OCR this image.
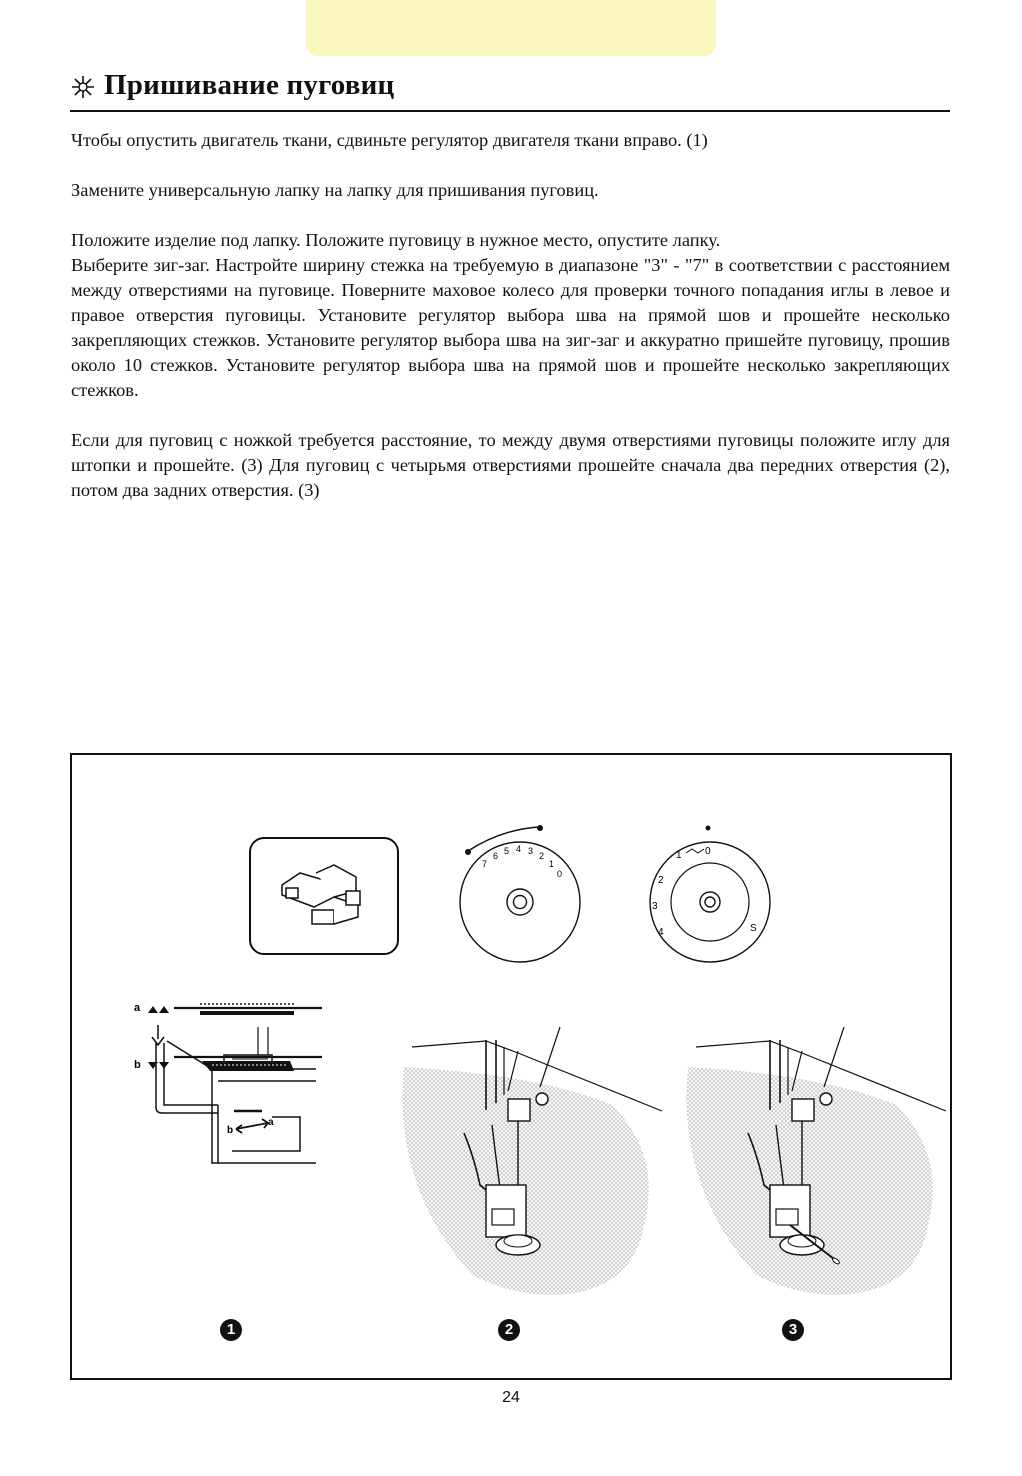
Пришивание пуговиц

Чтобы опустить двигатель ткани, сдвиньте регулятор двигателя ткани вправо. (1)

Замените универсальную лапку на лапку для пришивания пуговиц.

Положите изделие под лапку. Положите пуговицу в нужное место, опустите лапку.

Выберите зиг-заг. Настройте ширину стежка на требуемую в диапазоне "3" - "7" в соответствии с расстоянием между отверстиями на пуговице. Поверните маховое колесо для проверки точного попадания иглы в левое и правое отверстия пуговицы. Установите регулятор выбора шва на прямой шов и прошейте несколько закрепляющих стежков. Установите регулятор выбора шва на зиг-заг и аккуратно пришейте пуговицу, прошив около 10 стежков. Установите регулятор выбора шва на прямой шов и прошейте несколько закрепляющих стежков.

Если для пуговиц с ножкой требуется расстояние, то между двумя отверстиями пуговицы положите иглу для штопки и прошейте. (3) Для пуговиц с четырьмя отверстиями прошейте сначала два передних отверстия (2), потом два задних отверстия. (3)

7
6 5 4 3 2
1
0
0
1
2
3
4	S
a
b
a
b
1	2	3
24
